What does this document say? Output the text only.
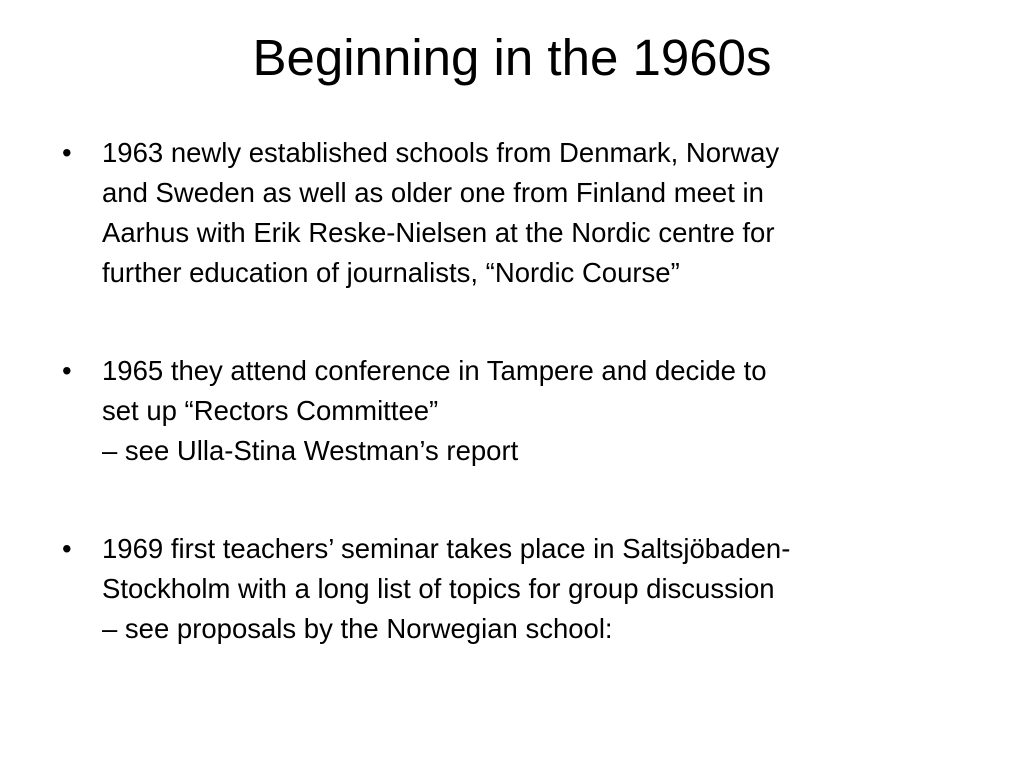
Beginning in the 1960s
•	1963 newly established schools from Denmark, Norway
and Sweden as well as older one from Finland meet in
Aarhus with Erik Reske-Nielsen at the Nordic centre for
further education of journalists, “Nordic Course”
•	1965 they attend conference in Tampere and decide to
set up “Rectors Committee”
– see Ulla-Stina Westman’s report
•	1969 first teachers’ seminar takes place in Saltsjöbaden-
Stockholm with a long list of topics for group discussion
– see proposals by the Norwegian school:
